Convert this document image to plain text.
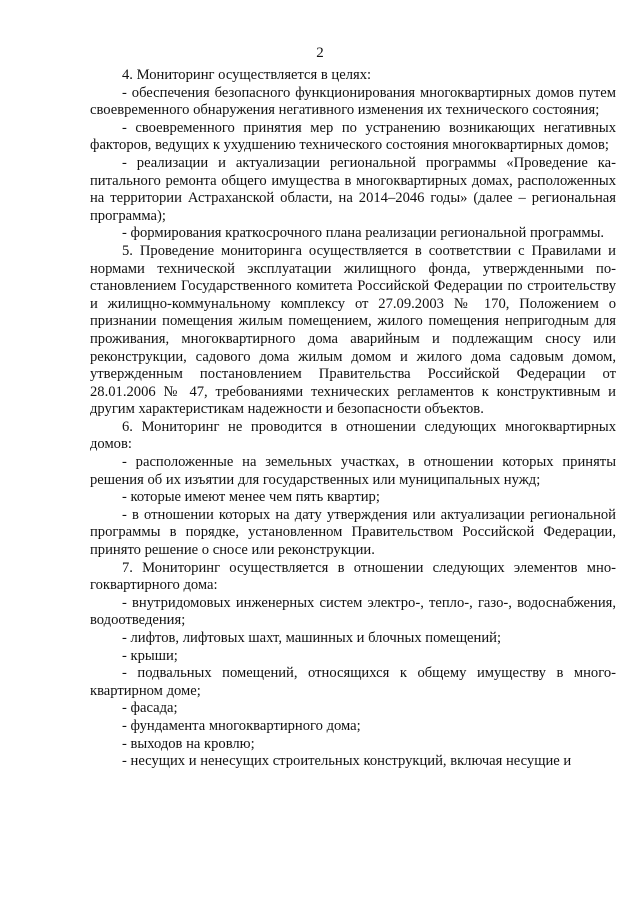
2

4. Мониторинг осуществляется в целях:

- обеспечения безопасного функционирования многоквартирных домов путем своевременного обнаружения негативного изменения их технического состояния;

- своевременного принятия мер по устранению возникающих негативных факторов, ведущих к ухудшению технического состояния многоквартирных домов;

- реализации и актуализации региональной программы «Проведение капитального ремонта общего имущества в многоквартирных домах, расположенных на территории Астраханской области, на 2014–2046 годы» (далее – региональная программа);

- формирования краткосрочного плана реализации региональной программы.

5. Проведение мониторинга осуществляется в соответствии с Правилами и нормами технической эксплуатации жилищного фонда, утвержденными постановлением Государственного комитета Российской Федерации по строительству и жилищно-коммунальному комплексу от 27.09.2003 № 170, Положением о признании помещения жилым помещением, жилого помещения непригодным для проживания, многоквартирного дома аварийным и подлежащим сносу или реконструкции, садового дома жилым домом и жилого дома садовым домом, утвержденным постановлением Правительства Российской Федерации от 28.01.2006 № 47, требованиями технических регламентов к конструктивным и другим характеристикам надежности и безопасности объектов.

6. Мониторинг не проводится в отношении следующих многоквартирных домов:

- расположенные на земельных участках, в отношении которых приняты решения об их изъятии для государственных или муниципальных нужд;

- которые имеют менее чем пять квартир;

- в отношении которых на дату утверждения или актуализации региональной программы в порядке, установленном Правительством Российской Федерации, принято решение о сносе или реконструкции.

7. Мониторинг осуществляется в отношении следующих элементов многоквартирного дома:

- внутридомовых инженерных систем электро-, тепло-, газо-, водоснабжения, водоотведения;

- лифтов, лифтовых шахт, машинных и блочных помещений;

- крыши;

- подвальных помещений, относящихся к общему имуществу в многоквартирном доме;

- фасада;

- фундамента многоквартирного дома;

- выходов на кровлю;

- несущих и ненесущих строительных конструкций, включая несущие и
